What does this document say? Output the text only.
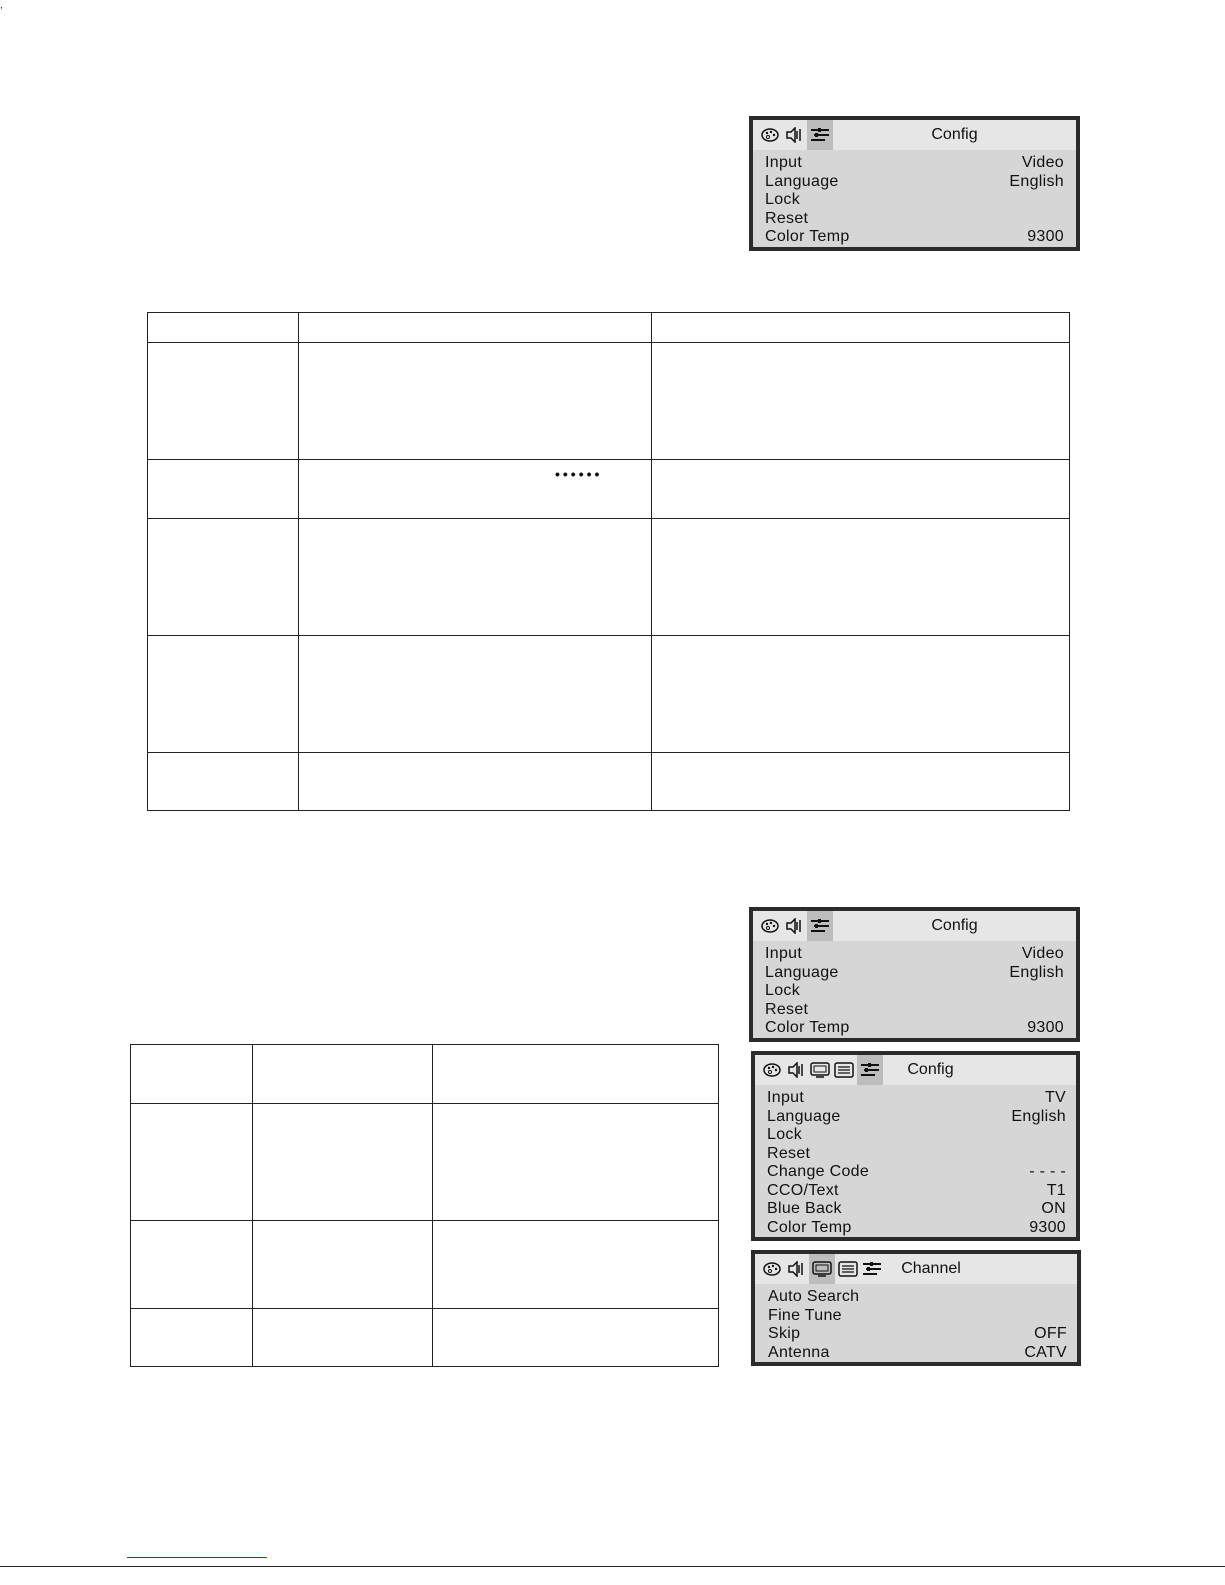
,
Config
Input	Video
Language	English
Lock
Reset
Color Temp	9300

••••••
Config
Input	Video
Language	English
Lock
Reset
Color Temp	9300
Config
Input	TV
Language	English
Lock
Reset
Change Code	- - - -
CCO/Text	T1
Blue Back	ON
Color Temp	9300
Channel
Auto Search
Fine Tune
Skip	OFF
Antenna	CATV
